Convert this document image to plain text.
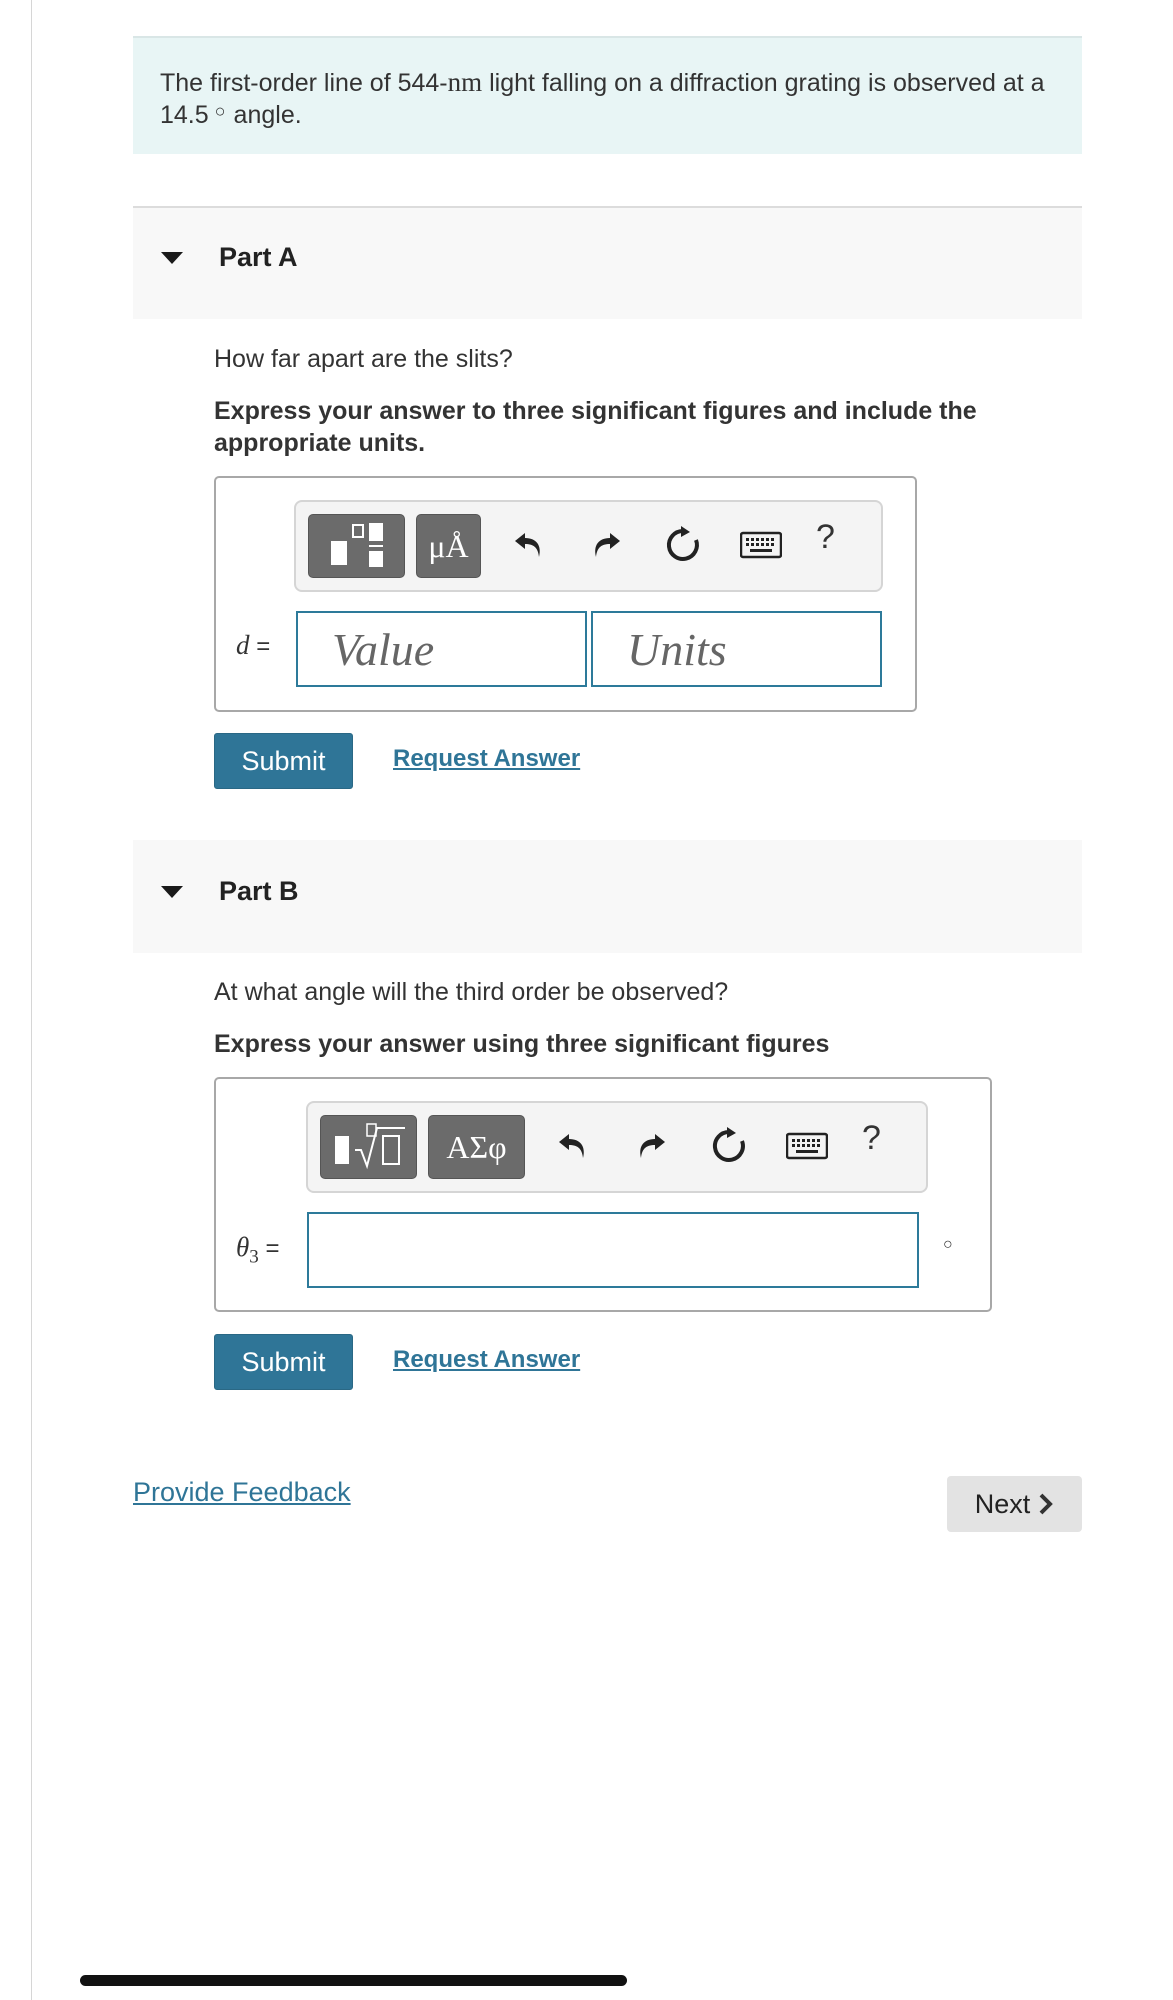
The first-order line of 544-nm light falling on a diffraction grating is observed at a 14.5 ○ angle.
Part A
How far apart are the slits?
Express your answer to three significant figures and include the appropriate units.
μÅ	?
d =	Value	Units
Submit	Request Answer
Part B
At what angle will the third order be observed?
Express your answer using three significant figures
ΑΣφ	?
$\theta_3$ =	○
Submit	Request Answer
Provide Feedback	Next
